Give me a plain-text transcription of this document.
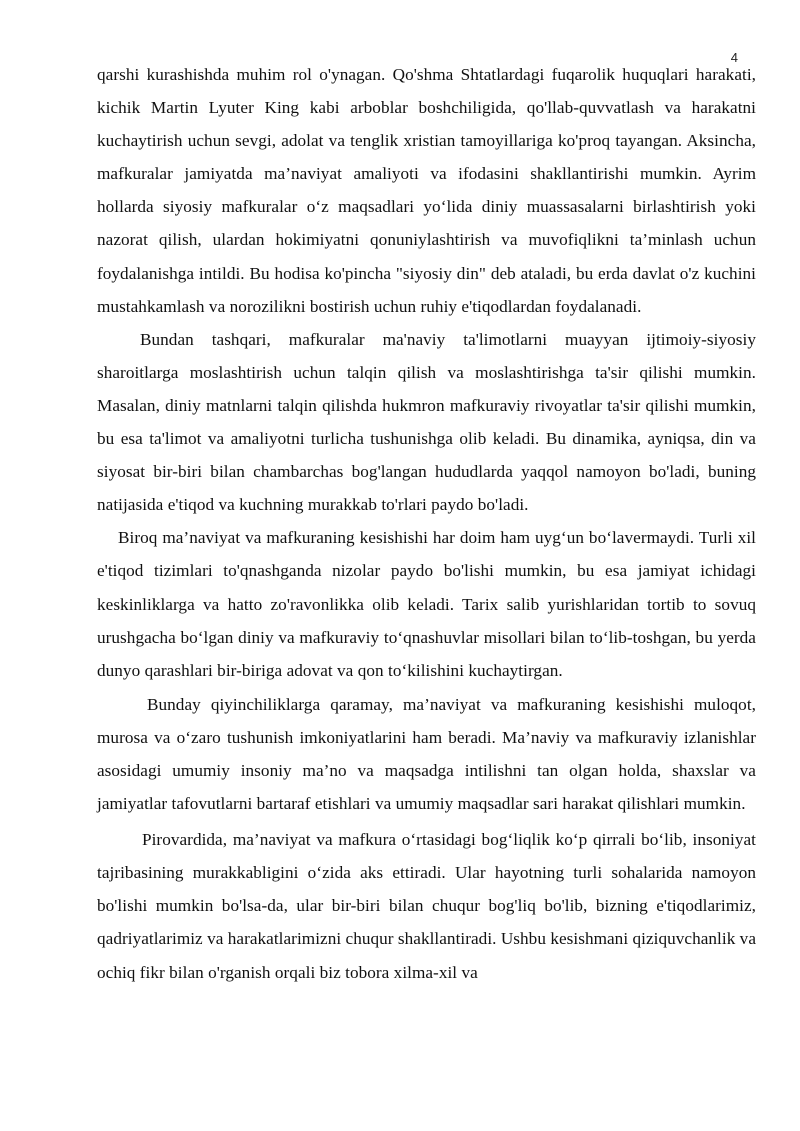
4

qarshi kurashishda muhim rol o'ynagan. Qo'shma Shtatlardagi fuqarolik huquqlari harakati, kichik Martin Lyuter King kabi arboblar boshchiligida, qo'llab-quvvatlash va harakatni kuchaytirish uchun sevgi, adolat va tenglik xristian tamoyillariga ko'proq tayangan. Aksincha, mafkuralar jamiyatda ma’naviyat amaliyoti va ifodasini shakllantirishi mumkin. Ayrim hollarda siyosiy mafkuralar o‘z maqsadlari yo‘lida diniy muassasalarni birlashtirish yoki nazorat qilish, ulardan hokimiyatni qonuniylashtirish va muvofiqlikni ta’minlash uchun foydalanishga intildi. Bu hodisa ko'pincha "siyosiy din" deb ataladi, bu erda davlat o'z kuchini mustahkamlash va norozilikni bostirish uchun ruhiy e'tiqodlardan foydalanadi.

Bundan tashqari, mafkuralar ma'naviy ta'limotlarni muayyan ijtimoiy-siyosiy sharoitlarga moslashtirish uchun talqin qilish va moslashtirishga ta'sir qilishi mumkin. Masalan, diniy matnlarni talqin qilishda hukmron mafkuraviy rivoyatlar ta'sir qilishi mumkin, bu esa ta'limot va amaliyotni turlicha tushunishga olib keladi. Bu dinamika, ayniqsa, din va siyosat bir-biri bilan chambarchas bog'langan hududlarda yaqqol namoyon bo'ladi, buning natijasida e'tiqod va kuchning murakkab to'rlari paydo bo'ladi.

Biroq ma’naviyat va mafkuraning kesishishi har doim ham uyg‘un bo‘lavermaydi. Turli xil e'tiqod tizimlari to'qnashganda nizolar paydo bo'lishi mumkin, bu esa jamiyat ichidagi keskinliklarga va hatto zo'ravonlikka olib keladi. Tarix salib yurishlaridan tortib to sovuq urushgacha bo‘lgan diniy va mafkuraviy to‘qnashuvlar misollari bilan to‘lib-toshgan, bu yerda dunyo qarashlari bir-biriga adovat va qon to‘kilishini kuchaytirgan.

Bunday qiyinchiliklarga qaramay, ma’naviyat va mafkuraning kesishishi muloqot, murosa va o‘zaro tushunish imkoniyatlarini ham beradi. Ma’naviy va mafkuraviy izlanishlar asosidagi umumiy insoniy ma’no va maqsadga intilishni tan olgan holda, shaxslar va jamiyatlar tafovutlarni bartaraf etishlari va umumiy maqsadlar sari harakat qilishlari mumkin.

Pirovardida, ma’naviyat va mafkura o‘rtasidagi bog‘liqlik ko‘p qirrali bo‘lib, insoniyat tajribasining murakkabligini o‘zida aks ettiradi. Ular hayotning turli sohalarida namoyon bo'lishi mumkin bo'lsa-da, ular bir-biri bilan chuqur bog'liq bo'lib, bizning e'tiqodlarimiz, qadriyatlarimiz va harakatlarimizni chuqur shakllantiradi. Ushbu kesishmani qiziquvchanlik va ochiq fikr bilan o'rganish orqali biz tobora xilma-xil va
